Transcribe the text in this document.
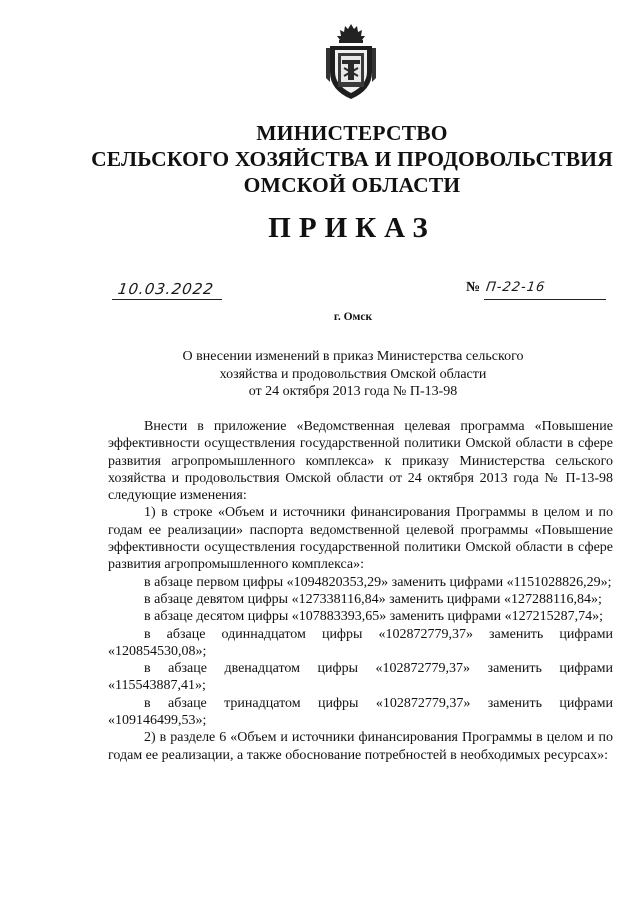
МИНИСТЕРСТВО
СЕЛЬСКОГО ХОЗЯЙСТВА И ПРОДОВОЛЬСТВИЯ
ОМСКОЙ ОБЛАСТИ
ПРИКАЗ
10.03.2022	№ П-22-16
г. Омск
О внесении изменений в приказ Министерства сельского
хозяйства и продовольствия Омской области
от 24 октября 2013 года № П-13-98

Внести в приложение «Ведомственная целевая программа «Повышение эффективности осуществления государственной политики Омской области в сфере развития агропромышленного комплекса» к приказу Министерства сельского хозяйства и продовольствия Омской области от 24 октября 2013 года № П-13-98 следующие изменения:

1) в строке «Объем и источники финансирования Программы в целом и по годам ее реализации» паспорта ведомственной целевой программы «Повышение эффективности осуществления государственной политики Омской области в сфере развития агропромышленного комплекса»:

в абзаце первом цифры «1094820353,29» заменить цифрами «1151028826,29»;

в абзаце девятом цифры «127338116,84» заменить цифрами «127288116,84»;

в абзаце десятом цифры «107883393,65» заменить цифрами «127215287,74»;

в абзаце одиннадцатом цифры «102872779,37» заменить цифрами «120854530,08»;

в абзаце двенадцатом цифры «102872779,37» заменить цифрами «115543887,41»;

в абзаце тринадцатом цифры «102872779,37» заменить цифрами «109146499,53»;

2) в разделе 6 «Объем и источники финансирования Программы в целом и по годам ее реализации, а также обоснование потребностей в необходимых ресурсах»:
